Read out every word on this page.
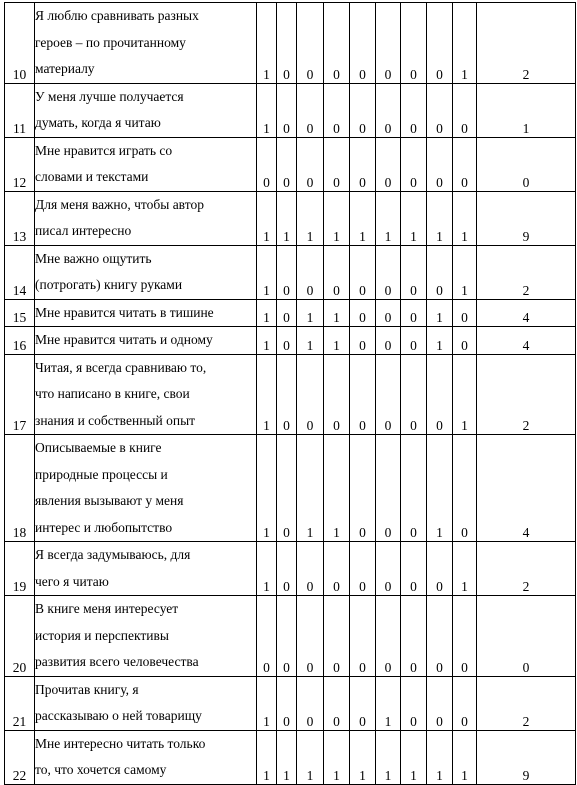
10	Я люблю сравнивать разных
героев – по прочитанному
материалу	1	0	0	0	0	0	0	0	1	2
11	У меня лучше получается
думать, когда я читаю	1	0	0	0	0	0	0	0	0	1
12	Мне нравится играть со
словами и текстами	0	0	0	0	0	0	0	0	0	0
13	Для меня важно, чтобы автор
писал интересно	1	1	1	1	1	1	1	1	1	9
14	Мне важно ощутить
(потрогать) книгу руками	1	0	0	0	0	0	0	0	1	2
15	Мне нравится читать в тишине	1	0	1	1	0	0	0	1	0	4
16	Мне нравится читать и одному	1	0	1	1	0	0	0	1	0	4
17	Читая, я всегда сравниваю то,
что написано в книге, свои
знания и собственный опыт	1	0	0	0	0	0	0	0	1	2
18	Описываемые в книге
природные процессы и
явления вызывают у меня
интерес и любопытство	1	0	1	1	0	0	0	1	0	4
19	Я всегда задумываюсь, для
чего я читаю	1	0	0	0	0	0	0	0	1	2
20	В книге меня интересует
история и перспективы
развития всего человечества	0	0	0	0	0	0	0	0	0	0
21	Прочитав книгу, я
рассказываю о ней товарищу	1	0	0	0	0	1	0	0	0	2
22	Мне интересно читать только
то, что хочется самому	1	1	1	1	1	1	1	1	1	9
